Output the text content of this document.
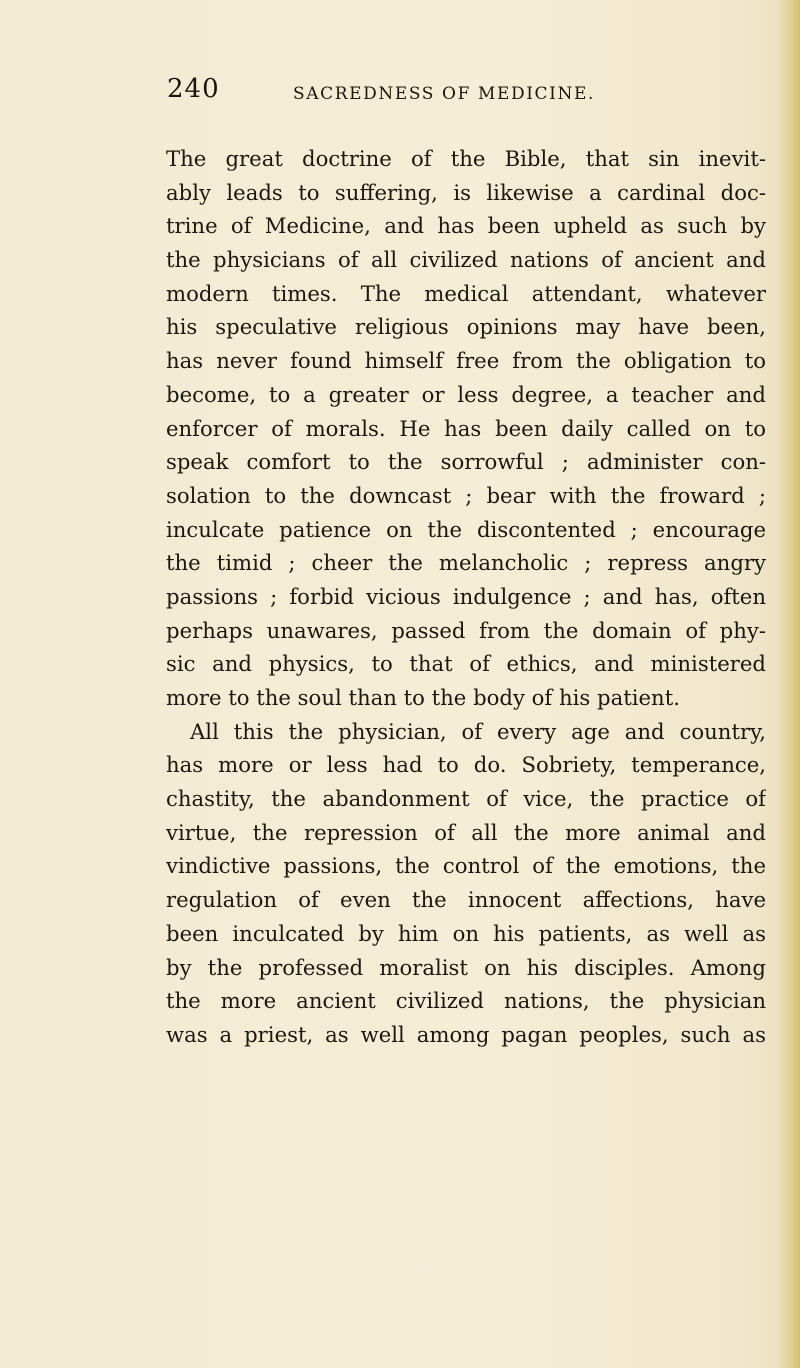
240	SACREDNESS OF MEDICINE.
The great doctrine of the Bible, that sin inevit-
ably leads to suffering, is likewise a cardinal doc-
trine of Medicine, and has been upheld as such by
the physicians of all civilized nations of ancient and
modern times. The medical attendant, whatever
his speculative religious opinions may have been,
has never found himself free from the obligation to
become, to a greater or less degree, a teacher and
enforcer of morals. He has been daily called on to
speak comfort to the sorrowful ; administer con-
solation to the downcast ; bear with the froward ;
inculcate patience on the discontented ; encourage
the timid ; cheer the melancholic ; repress angry
passions ; forbid vicious indulgence ; and has, often
perhaps unawares, passed from the domain of phy-
sic and physics, to that of ethics, and ministered
more to the soul than to the body of his patient.
All this the physician, of every age and country,
has more or less had to do. Sobriety, temperance,
chastity, the abandonment of vice, the practice of
virtue, the repression of all the more animal and
vindictive passions, the control of the emotions, the
regulation of even the innocent affections, have
been inculcated by him on his patients, as well as
by the professed moralist on his disciples. Among
the more ancient civilized nations, the physician
was a priest, as well among pagan peoples, such as
